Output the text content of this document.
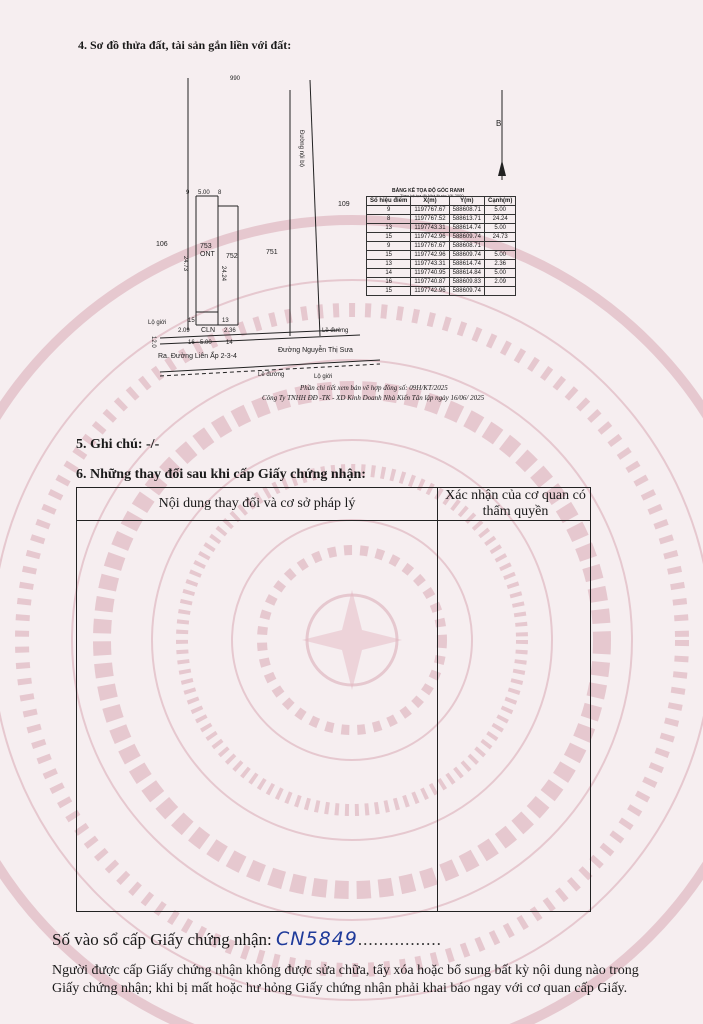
4. Sơ đồ thửa đất, tài sản gắn liền với đất:
990
Đường nội bộ
106
109
753
ONT 752
751
CLN
24.73
24.24
5.00
5.00
2.09	2.36
12.0
9	8
15	13
16	14
Lộ giới
Lề đường
Ra. Đường Liên Ấp 2-3-4
Đường Nguyễn Thị Sưa
Lề đường	Lộ giới
B
BẢNG KÊ TỌA ĐỘ GÓC RANH
Theo hệ tọa độ Nhà Nước VN-2000
Số hiệu điểm	X(m)	Y(m)	Cạnh(m)
9	1197767.67	588608.71	5.00
8	1197767.52	588613.71	24.24
13	1197743.31	588614.74	5.00
15	1197742.96	588609.74	24.73
9	1197767.67	588608.71	
15	1197742.96	588609.74	5.00
13	1197743.31	588614.74	2.36
14	1197740.95	588614.84	5.00
16	1197740.87	588609.83	2.09
15	1197742.96	588609.74	
Phần chi tiết xem bản vẽ hợp đồng số: 09H/KT/2025
Công Ty TNHH ĐĐ -TK - XD Kinh Doanh Nhà Kiến Tân lập ngày 16/06/ 2025
5. Ghi chú: -/-
6. Những thay đổi sau khi cấp Giấy chứng nhận:
Nội dung thay đổi và cơ sở pháp lý
Xác nhận của cơ quan có thẩm quyền
Số vào sổ cấp Giấy chứng nhận: CN5849................
Người được cấp Giấy chứng nhận không được sửa chữa, tẩy xóa hoặc bổ sung bất kỳ nội dung nào trong Giấy chứng nhận; khi bị mất hoặc hư hỏng Giấy chứng nhận phải khai báo ngay với cơ quan cấp Giấy.
